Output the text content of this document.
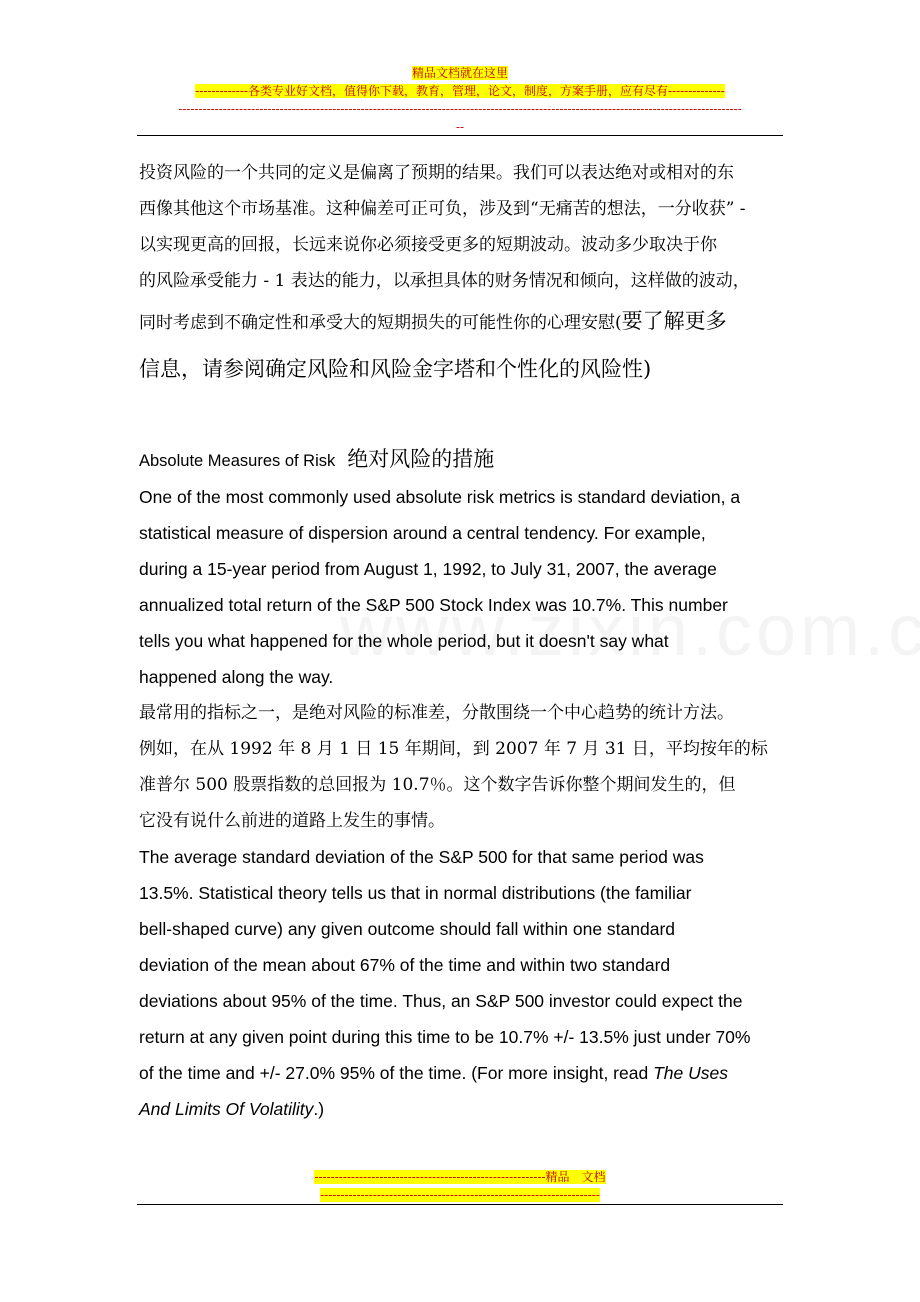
精品文档就在这里
-------------各类专业好文档，值得你下载，教育，管理，论文，制度，方案手册，应有尽有--------------
-------------------------------------------------------------------------------------------------------------------------------------------
--
投资风险的一个共同的定义是偏离了预期的结果。我们可以表达绝对或相对的东
西像其他这个市场基准。这种偏差可正可负，涉及到“无痛苦的想法，一分收获” -
以实现更高的回报，长远来说你必须接受更多的短期波动。波动多少取决于你
的风险承受能力 - 1 表达的能力，以承担具体的财务情况和倾向，这样做的波动，
同时考虑到不确定性和承受大的短期损失的可能性你的心理安慰(要了解更多
信息，请参阅确定风险和风险金字塔和个性化的风险性)
Absolute Measures of Risk 绝对风险的措施
One of the most commonly used absolute risk metrics is standard deviation, a
statistical measure of dispersion around a central tendency. For example,
during a 15-year period from August 1, 1992, to July 31, 2007, the average
annualized total return of the S&P 500 Stock Index was 10.7%. This number
tells you what happened for the whole period, but it doesn't say what
happened along the way.
最常用的指标之一，是绝对风险的标准差，分散围绕一个中心趋势的统计方法。
例如，在从 1992 年 8 月 1 日 15 年期间，到 2007 年 7 月 31 日，平均按年的标
准普尔 500 股票指数的总回报为 10.7％。这个数字告诉你整个期间发生的，但
它没有说什么前进的道路上发生的事情。
The average standard deviation of the S&P 500 for that same period was
13.5%. Statistical theory tells us that in normal distributions (the familiar
bell-shaped curve) any given outcome should fall within one standard
deviation of the mean about 67% of the time and within two standard
deviations about 95% of the time. Thus, an S&P 500 investor could expect the
return at any given point during this time to be 10.7% +/- 13.5% just under 70%
of the time and +/- 27.0% 95% of the time. (For more insight, read The Uses
And Limits Of Volatility.)
---------------------------------------------------------精品　文档
---------------------------------------------------------------------
